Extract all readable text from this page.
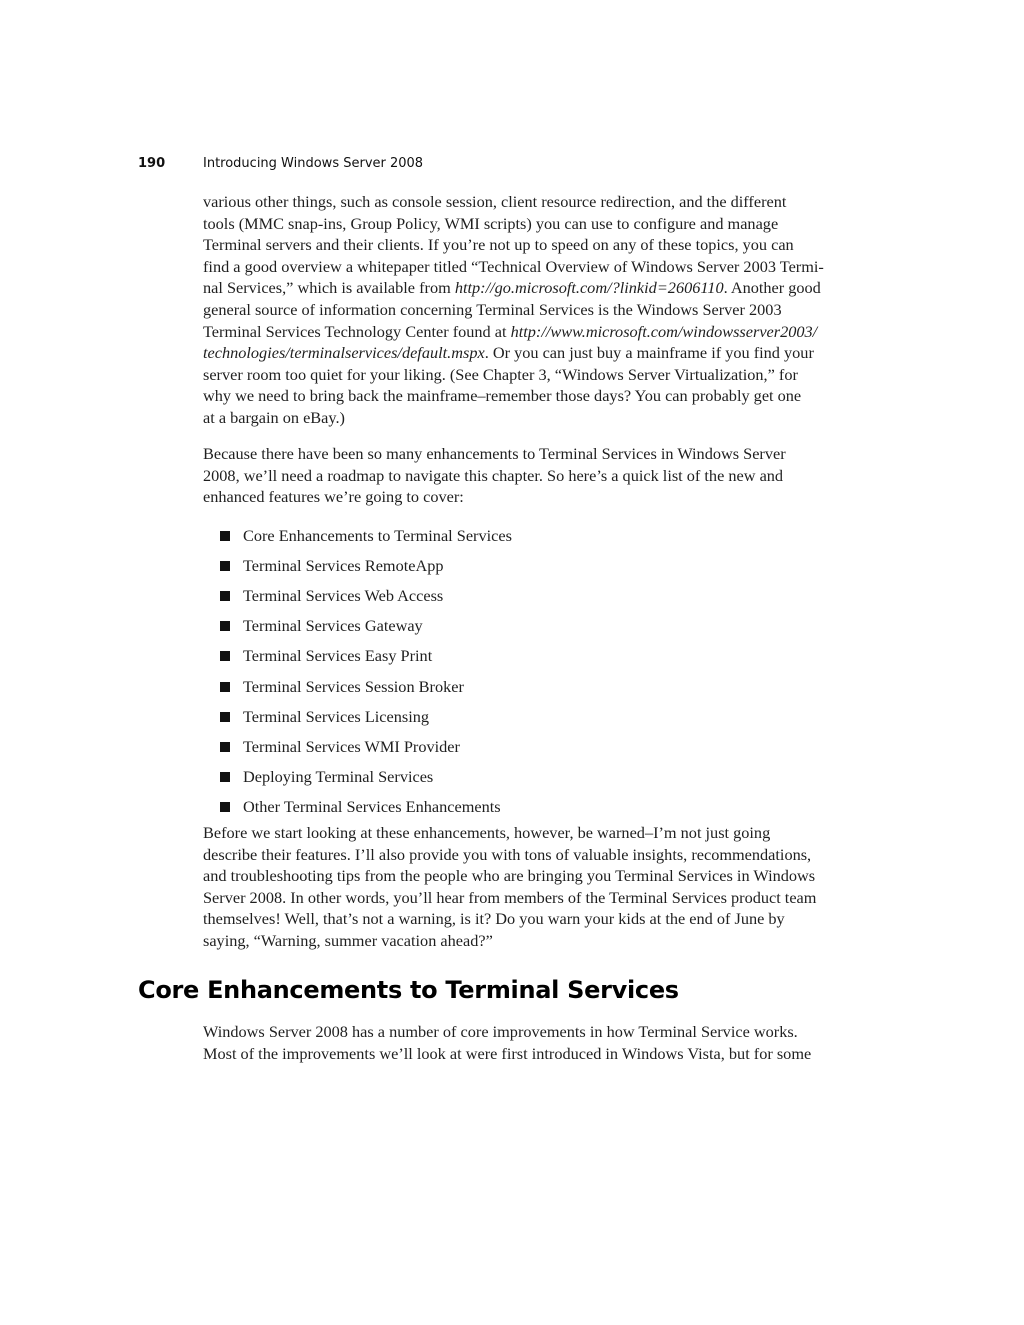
190	Introducing Windows Server 2008

various other things, such as console session, client resource redirection, and the different

tools (MMC snap-ins, Group Policy, WMI scripts) you can use to configure and manage

Terminal servers and their clients. If you’re not up to speed on any of these topics, you can

find a good overview a whitepaper titled “Technical Overview of Windows Server 2003 Termi-

nal Services,” which is available from http://go.microsoft.com/?linkid=2606110. Another good

general source of information concerning Terminal Services is the Windows Server 2003

Terminal Services Technology Center found at http://www.microsoft.com/windowsserver2003/

technologies/terminalservices/default.mspx. Or you can just buy a mainframe if you find your

server room too quiet for your liking. (See Chapter 3, “Windows Server Virtualization,” for

why we need to bring back the mainframe–remember those days? You can probably get one

at a bargain on eBay.)

Because there have been so many enhancements to Terminal Services in Windows Server

2008, we’ll need a roadmap to navigate this chapter. So here’s a quick list of the new and

enhanced features we’re going to cover:

Core Enhancements to Terminal Services
Terminal Services RemoteApp
Terminal Services Web Access
Terminal Services Gateway
Terminal Services Easy Print
Terminal Services Session Broker
Terminal Services Licensing
Terminal Services WMI Provider
Deploying Terminal Services
Other Terminal Services Enhancements

Before we start looking at these enhancements, however, be warned–I’m not just going

describe their features. I’ll also provide you with tons of valuable insights, recommendations,

and troubleshooting tips from the people who are bringing you Terminal Services in Windows

Server 2008. In other words, you’ll hear from members of the Terminal Services product team

themselves! Well, that’s not a warning, is it? Do you warn your kids at the end of June by

saying, “Warning, summer vacation ahead?”

Core Enhancements to Terminal Services

Windows Server 2008 has a number of core improvements in how Terminal Service works.

Most of the improvements we’ll look at were first introduced in Windows Vista, but for some
